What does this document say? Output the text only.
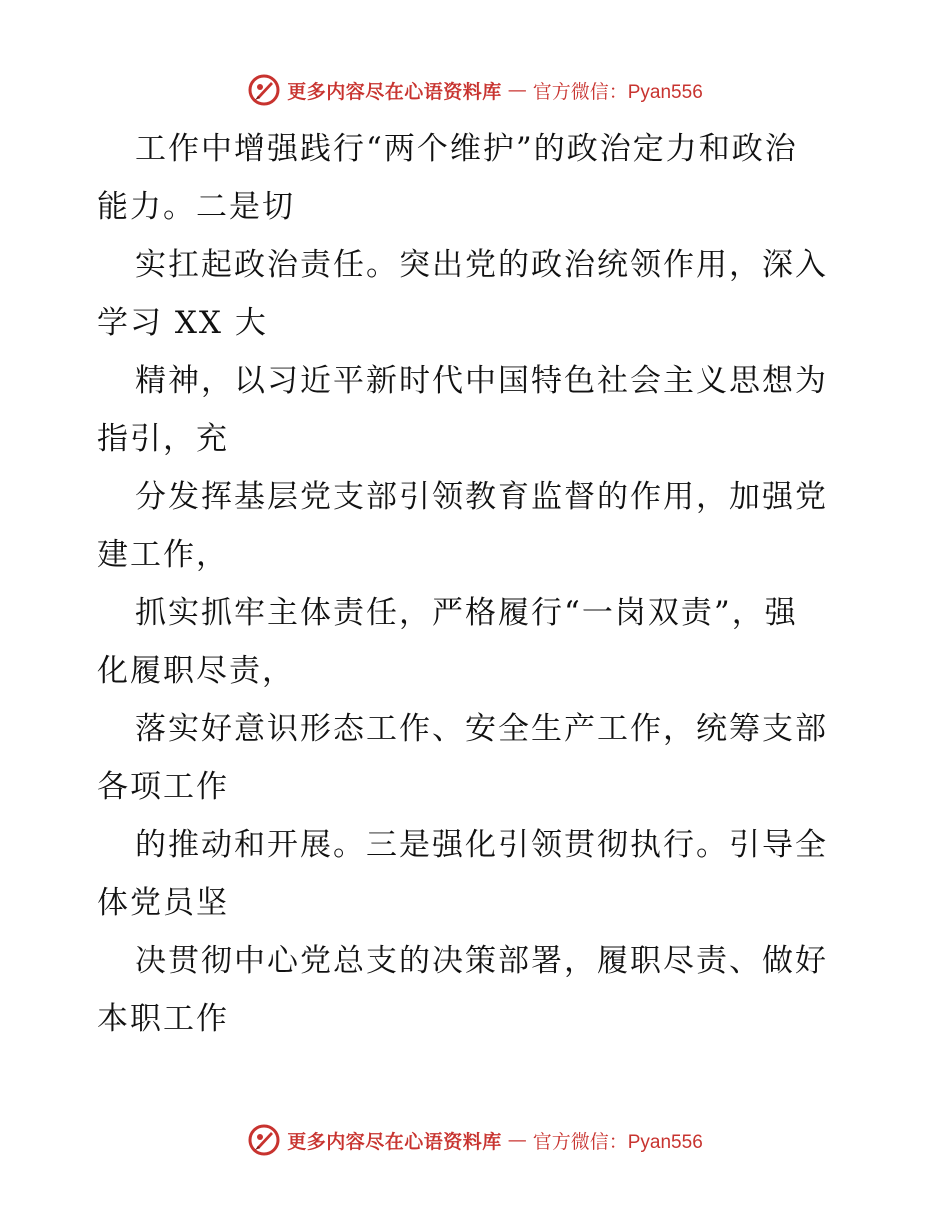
更多内容尽在心语资料库 — 官方微信：Pyan556

工作中增强践行“两个维护”的政治定力和政治
能力。二是切

实扛起政治责任。突出党的政治统领作用，深入
学习 XX 大

精神，以习近平新时代中国特色社会主义思想为
指引，充

分发挥基层党支部引领教育监督的作用，加强党
建工作，

抓实抓牢主体责任，严格履行“一岗双责”，强
化履职尽责，

落实好意识形态工作、安全生产工作，统筹支部
各项工作

的推动和开展。三是强化引领贯彻执行。引导全
体党员坚

决贯彻中心党总支的决策部署，履职尽责、做好
本职工作

更多内容尽在心语资料库 — 官方微信：Pyan556
